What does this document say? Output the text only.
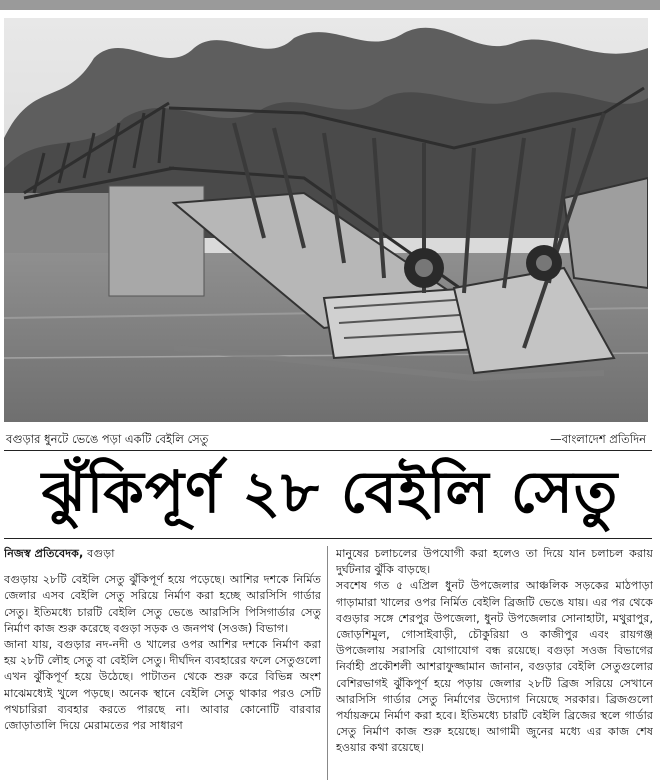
বগুড়ার ধুনটে ভেঙে পড়া একটি বেইলি সেতু	—বাংলাদেশ প্রতিদিন
ঝুঁকিপূর্ণ ২৮ বেইলি সেতু
নিজস্ব প্রতিবেদক, বগুড়া

বগুড়ায় ২৮টি বেইলি সেতু ঝুঁকিপূর্ণ হয়ে পড়েছে। আশির দশকে নির্মিত জেলার এসব বেইলি সেতু সরিয়ে নির্মাণ করা হচ্ছে আরসিসি গার্ডার সেতু। ইতিমধ্যে চারটি বেইলি সেতু ভেঙে আরসিসি পিসিগার্ডার সেতু নির্মাণ কাজ শুরু করেছে বগুড়া সড়ক ও জনপথ (সওজ) বিভাগ।

জানা যায়, বগুড়ার নদ-নদী ও খালের ওপর আশির দশকে নির্মাণ করা হয় ২৮টি লৌহ সেতু বা বেইলি সেতু। দীর্ঘদিন ব্যবহারের ফলে সেতুগুলো এখন ঝুঁকিপূর্ণ হয়ে উঠেছে। পাটাতন থেকে শুরু করে বিভিন্ন অংশ মাঝেমধ্যেই খুলে পড়ছে। অনেক স্থানে বেইলি সেতু থাকার পরও সেটি পথচারিরা ব্যবহার করতে পারছে না। আবার কোনোটি বারবার জোড়াতালি দিয়ে মেরামতের পর সাধারণ

মানুষের চলাচলের উপযোগী করা হলেও তা দিয়ে যান চলাচল করায় দুর্ঘটনার ঝুঁকি বাড়ছে।

সবশেষ গত ৫ এপ্রিল ধুনট উপজেলার আঞ্চলিক সড়কের মাঠপাড়া গাড়ামারা খালের ওপর নির্মিত বেইলি ব্রিজটি ভেঙে যায়। এর পর থেকে বগুড়ার সঙ্গে শেরপুর উপজেলা, ধুনট উপজেলার সোনাহাটা, মথুরাপুর, জোড়শিমুল, গোসাইবাড়ী, চৌকুরিয়া ও কাজীপুর এবং রায়গঞ্জ উপজেলায় সরাসরি যোগাযোগ বন্ধ রয়েছে। বগুড়া সওজ বিভাগের নির্বাহী প্রকৌশলী আশরাফুজ্জামান জানান, বগুড়ার বেইলি সেতুগুলোর বেশিরভাগই ঝুঁকিপূর্ণ হয়ে পড়ায় জেলার ২৮টি ব্রিজ সরিয়ে সেখানে আরসিসি গার্ডার সেতু নির্মাণের উদ্যোগ নিয়েছে সরকার। ব্রিজগুলো পর্যায়ক্রমে নির্মাণ করা হবে। ইতিমধ্যে চারটি বেইলি ব্রিজের স্থলে গার্ডার সেতু নির্মাণ কাজ শুরু হয়েছে। আগামী জুনের মধ্যে এর কাজ শেষ হওয়ার কথা রয়েছে।
